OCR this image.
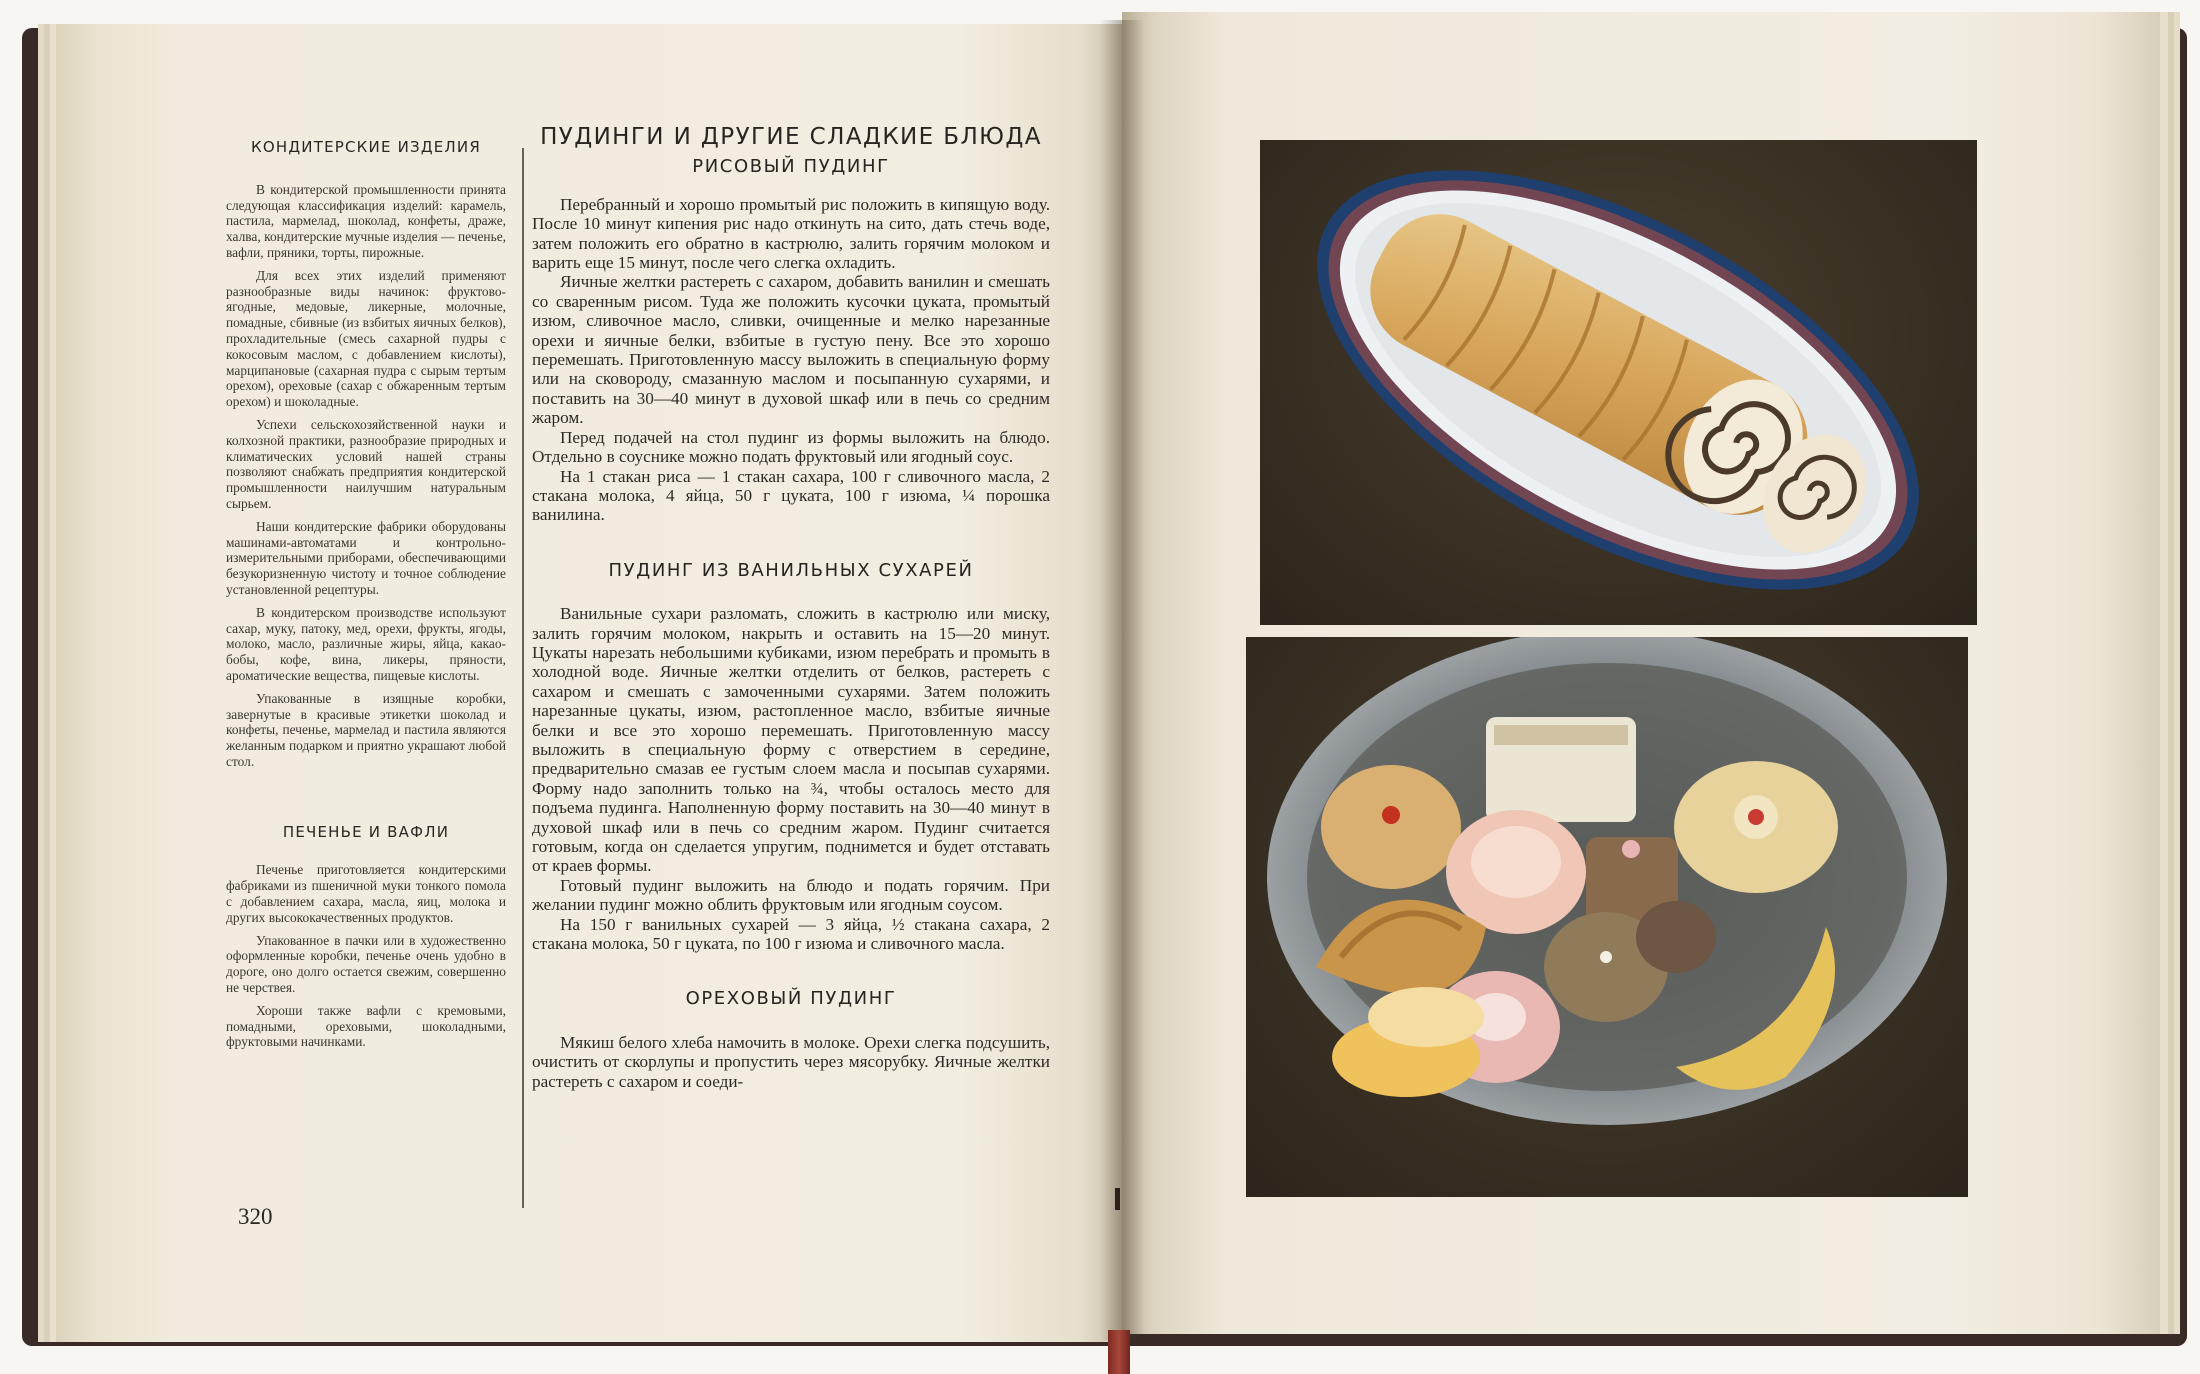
КОНДИТЕРСКИЕ ИЗДЕЛИЯ

В кондитерской промышленности принята следующая классификация изделий: карамель, пастила, мармелад, шоколад, конфеты, драже, халва, кондитерские мучные изделия — печенье, вафли, пряники, торты, пирожные.

Для всех этих изделий применяют разнообразные виды начинок: фруктово-ягодные, медовые, ликерные, молочные, помадные, сбивные (из взбитых яичных белков), прохладительные (смесь сахарной пудры с кокосовым маслом, с добавлением кислоты), марципановые (сахарная пудра с сырым тертым орехом), ореховые (сахар с обжаренным тертым орехом) и шоколадные.

Успехи сельскохозяйственной науки и колхозной практики, разнообразие природных и климатических условий нашей страны позволяют снабжать предприятия кондитерской промышленности наилучшим натуральным сырьем.

Наши кондитерские фабрики оборудованы машинами-автоматами и контрольно-измерительными приборами, обеспечивающими безукоризненную чистоту и точное соблюдение установленной рецептуры.

В кондитерском производстве используют сахар, муку, патоку, мед, орехи, фрукты, ягоды, молоко, масло, различные жиры, яйца, какао-бобы, кофе, вина, ликеры, пряности, ароматические вещества, пищевые кислоты.

Упакованные в изящные коробки, завернутые в красивые этикетки шоколад и конфеты, печенье, мармелад и пастила являются желанным подарком и приятно украшают любой стол.

ПЕЧЕНЬЕ И ВАФЛИ

Печенье приготовляется кондитерскими фабриками из пшеничной муки тонкого помола с добавлением сахара, масла, яиц, молока и других высококачественных продуктов.

Упакованное в пачки или в художественно оформленные коробки, печенье очень удобно в дороге, оно долго остается свежим, совершенно не черствея.

Хороши также вафли с кремовыми, помадными, ореховыми, шоколадными, фруктовыми начинками.

320
ПУДИНГИ И ДРУГИЕ СЛАДКИЕ БЛЮДА
РИСОВЫЙ ПУДИНГ

Перебранный и хорошо промытый рис положить в кипящую воду. После 10 минут кипения рис надо откинуть на сито, дать стечь воде, затем положить его обратно в кастрюлю, залить горячим молоком и варить еще 15 минут, после чего слегка охладить.

Яичные желтки растереть с сахаром, добавить ванилин и смешать со сваренным рисом. Туда же положить кусочки цуката, промытый изюм, сливочное масло, сливки, очищенные и мелко нарезанные орехи и яичные белки, взбитые в густую пену. Все это хорошо перемешать. Приготовленную массу выложить в специальную форму или на сковороду, смазанную маслом и посыпанную сухарями, и поставить на 30—40 минут в духовой шкаф или в печь со средним жаром.

Перед подачей на стол пудинг из формы выложить на блюдо. Отдельно в соуснике можно подать фруктовый или ягодный соус.

На 1 стакан риса — 1 стакан сахара, 100 г сливочного масла, 2 стакана молока, 4 яйца, 50 г цуката, 100 г изюма, ¼ порошка ванилина.

ПУДИНГ ИЗ ВАНИЛЬНЫХ СУХАРЕЙ

Ванильные сухари разломать, сложить в кастрюлю или миску, залить горячим молоком, накрыть и оставить на 15—20 минут. Цукаты нарезать небольшими кубиками, изюм перебрать и промыть в холодной воде. Яичные желтки отделить от белков, растереть с сахаром и смешать с замоченными сухарями. Затем положить нарезанные цукаты, изюм, растопленное масло, взбитые яичные белки и все это хорошо перемешать. Приготовленную массу выложить в специальную форму с отверстием в середине, предварительно смазав ее густым слоем масла и посыпав сухарями. Форму надо заполнить только на ¾, чтобы осталось место для подъема пудинга. Наполненную форму поставить на 30—40 минут в духовой шкаф или в печь со средним жаром. Пудинг считается готовым, когда он сделается упругим, поднимется и будет отставать от краев формы.

Готовый пудинг выложить на блюдо и подать горячим. При желании пудинг можно облить фруктовым или ягодным соусом.

На 150 г ванильных сухарей — 3 яйца, ½ стакана сахара, 2 стакана молока, 50 г цуката, по 100 г изюма и сливочного масла.

ОРЕХОВЫЙ ПУДИНГ

Мякиш белого хлеба намочить в молоке. Орехи слегка подсушить, очистить от скорлупы и пропустить через мясорубку. Яичные желтки растереть с сахаром и соеди-
